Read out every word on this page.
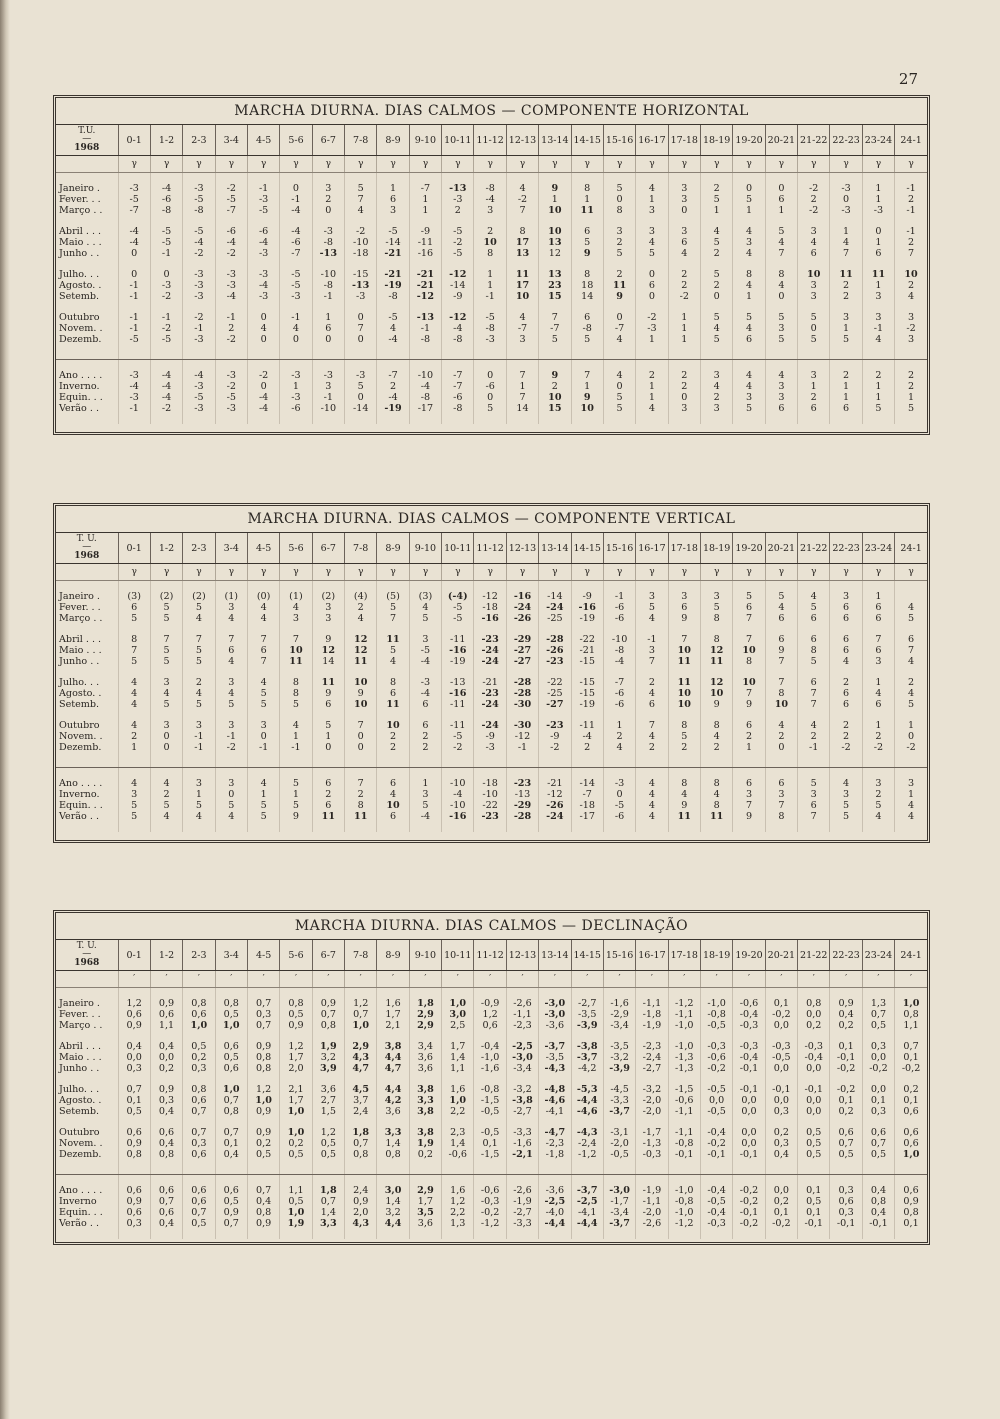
27
MARCHA DIURNA. DIAS CALMOS — COMPONENTE HORIZONTAL
T.U.
—
1968	0-1	1-2	2-3	3-4	4-5	5-6	6-7	7-8	8-9	9-10	10-11	11-12	12-13	13-14	14-15	15-16	16-17	17-18	18-19	19-20	20-21	21-22	22-23	23-24	24-1
	γ	γ	γ	γ	γ	γ	γ	γ	γ	γ	γ	γ	γ	γ	γ	γ	γ	γ	γ	γ	γ	γ	γ	γ	γ

Janeiro .	-3	-4	-3	-2	-1	0	3	5	1	-7	-13	-8	4	9	8	5	4	3	2	0	0	-2	-3	1	-1
Fever. . .	-5	-6	-5	-5	-3	-1	2	7	6	1	-3	-4	-2	1	1	0	1	3	5	5	6	2	0	1	2
Março . .	-7	-8	-8	-7	-5	-4	0	4	3	1	2	3	7	10	11	8	3	0	1	1	1	-2	-3	-3	-1

Abril . . .	-4	-5	-5	-6	-6	-4	-3	-2	-5	-9	-5	2	8	10	6	3	3	3	4	4	5	3	1	0	-1
Maio . . .	-4	-5	-4	-4	-4	-6	-8	-10	-14	-11	-2	10	17	13	5	2	4	6	5	3	4	4	4	1	2
Junho . .	0	-1	-2	-2	-3	-7	-13	-18	-21	-16	-5	8	13	12	9	5	5	4	2	4	7	6	7	6	7

Julho. . .	0	0	-3	-3	-3	-5	-10	-15	-21	-21	-12	1	11	13	8	2	0	2	5	8	8	10	11	11	10
Agosto. .	-1	-3	-3	-3	-4	-5	-8	-13	-19	-21	-14	1	17	23	18	11	6	2	2	4	4	3	2	1	2
Setemb.	-1	-2	-3	-4	-3	-3	-1	-3	-8	-12	-9	-1	10	15	14	9	0	-2	0	1	0	3	2	3	4

Outubro	-1	-1	-2	-1	0	-1	1	0	-5	-13	-12	-5	4	7	6	0	-2	1	5	5	5	5	3	3	3
Novem. .	-1	-2	-1	2	4	4	6	7	4	-1	-4	-8	-7	-7	-8	-7	-3	1	4	4	3	0	1	-1	-2
Dezemb.	-5	-5	-3	-2	0	0	0	0	-4	-8	-8	-3	3	5	5	4	1	1	5	6	5	5	5	4	3

Ano . . . .	-3	-4	-4	-3	-2	-3	-3	-3	-7	-10	-7	0	7	9	7	4	2	2	3	4	4	3	2	2	2
Inverno.	-4	-4	-3	-2	0	1	3	5	2	-4	-7	-6	1	2	1	0	1	2	4	4	3	1	1	1	2
Equin. . .	-3	-4	-5	-5	-4	-3	-1	0	-4	-8	-6	0	7	10	9	5	1	0	2	3	3	2	1	1	1
Verão . .	-1	-2	-3	-3	-4	-6	-10	-14	-19	-17	-8	5	14	15	10	5	4	3	3	5	6	6	6	5	5

MARCHA DIURNA. DIAS CALMOS — COMPONENTE VERTICAL
T. U.
—
1968	0-1	1-2	2-3	3-4	4-5	5-6	6-7	7-8	8-9	9-10	10-11	11-12	12-13	13-14	14-15	15-16	16-17	17-18	18-19	19-20	20-21	21-22	22-23	23-24	24-1
	γ	γ	γ	γ	γ	γ	γ	γ	γ	γ	γ	γ	γ	γ	γ	γ	γ	γ	γ	γ	γ	γ	γ	γ	γ

Janeiro .	(3)	(2)	(2)	(1)	(0)	(1)	(2)	(4)	(5)	(3)	(-4)	-12	-16	-14	-9	-1	3	3	3	5	5	4	3	1	
Fever. . .	6	5	5	3	4	4	3	2	5	4	-5	-18	-24	-24	-16	-6	5	6	5	6	4	5	6	6	4
Março . .	5	5	4	4	4	3	3	4	7	5	-5	-16	-26	-25	-19	-6	4	9	8	7	6	6	6	6	5

Abril . . .	8	7	7	7	7	7	9	12	11	3	-11	-23	-29	-28	-22	-10	-1	7	8	7	6	6	6	7	6
Maio . . .	7	5	5	6	6	10	12	12	5	-5	-16	-24	-27	-26	-21	-8	3	10	12	10	9	8	6	6	7
Junho . .	5	5	5	4	7	11	14	11	4	-4	-19	-24	-27	-23	-15	-4	7	11	11	8	7	5	4	3	4

Julho. . .	4	3	2	3	4	8	11	10	8	-3	-13	-21	-28	-22	-15	-7	2	11	12	10	7	6	2	1	2
Agosto. .	4	4	4	4	5	8	9	9	6	-4	-16	-23	-28	-25	-15	-6	4	10	10	7	8	7	6	4	4
Setemb.	4	5	5	5	5	5	6	10	11	6	-11	-24	-30	-27	-19	-6	6	10	9	9	10	7	6	6	5

Outubro	4	3	3	3	3	4	5	7	10	6	-11	-24	-30	-23	-11	1	7	8	8	6	4	4	2	1	1
Novem. .	2	0	-1	-1	0	1	1	0	2	2	-5	-9	-12	-9	-4	2	4	5	4	2	2	2	2	2	0
Dezemb.	1	0	-1	-2	-1	-1	0	0	2	2	-2	-3	-1	-2	2	4	2	2	2	1	0	-1	-2	-2	-2

Ano . . . .	4	4	3	3	4	5	6	7	6	1	-10	-18	-23	-21	-14	-3	4	8	8	6	6	5	4	3	3
Inverno.	3	2	1	0	1	1	2	2	4	3	-4	-10	-13	-12	-7	0	4	4	4	3	3	3	3	2	1
Equin. . .	5	5	5	5	5	5	6	8	10	5	-10	-22	-29	-26	-18	-5	4	9	8	7	7	6	5	5	4
Verão . .	5	4	4	4	5	9	11	11	6	-4	-16	-23	-28	-24	-17	-6	4	11	11	9	8	7	5	4	4

MARCHA DIURNA. DIAS CALMOS — DECLINAÇÃO
T. U.
—
1968	0-1	1-2	2-3	3-4	4-5	5-6	6-7	7-8	8-9	9-10	10-11	11-12	12-13	13-14	14-15	15-16	16-17	17-18	18-19	19-20	20-21	21-22	22-23	23-24	24-1
	′	′	′	′	′	′	′	′	′	′	′	′	′	′	′	′	′	′	′	′	′	′	′	′	′

Janeiro .	1,2	0,9	0,8	0,8	0,7	0,8	0,9	1,2	1,6	1,8	1,0	-0,9	-2,6	-3,0	-2,7	-1,6	-1,1	-1,2	-1,0	-0,6	0,1	0,8	0,9	1,3	1,0
Fever. . .	0,6	0,6	0,6	0,5	0,3	0,5	0,7	0,7	1,7	2,9	3,0	1,2	-1,1	-3,0	-3,5	-2,9	-1,8	-1,1	-0,8	-0,4	-0,2	0,0	0,4	0,7	0,8
Março . .	0,9	1,1	1,0	1,0	0,7	0,9	0,8	1,0	2,1	2,9	2,5	0,6	-2,3	-3,6	-3,9	-3,4	-1,9	-1,0	-0,5	-0,3	0,0	0,2	0,2	0,5	1,1

Abril . . .	0,4	0,4	0,5	0,6	0,9	1,2	1,9	2,9	3,8	3,4	1,7	-0,4	-2,5	-3,7	-3,8	-3,5	-2,3	-1,0	-0,3	-0,3	-0,3	-0,3	0,1	0,3	0,7
Maio . . .	0,0	0,0	0,2	0,5	0,8	1,7	3,2	4,3	4,4	3,6	1,4	-1,0	-3,0	-3,5	-3,7	-3,2	-2,4	-1,3	-0,6	-0,4	-0,5	-0,4	-0,1	0,0	0,1
Junho . .	0,3	0,2	0,3	0,6	0,8	2,0	3,9	4,7	4,7	3,6	1,1	-1,6	-3,4	-4,3	-4,2	-3,9	-2,7	-1,3	-0,2	-0,1	0,0	0,0	-0,2	-0,2	-0,2

Julho. . .	0,7	0,9	0,8	1,0	1,2	2,1	3,6	4,5	4,4	3,8	1,6	-0,8	-3,2	-4,8	-5,3	-4,5	-3,2	-1,5	-0,5	-0,1	-0,1	-0,1	-0,2	0,0	0,2
Agosto. .	0,1	0,3	0,6	0,7	1,0	1,7	2,7	3,7	4,2	3,3	1,0	-1,5	-3,8	-4,6	-4,4	-3,3	-2,0	-0,6	0,0	0,0	0,0	0,0	0,1	0,1	0,1
Setemb.	0,5	0,4	0,7	0,8	0,9	1,0	1,5	2,4	3,6	3,8	2,2	-0,5	-2,7	-4,1	-4,6	-3,7	-2,0	-1,1	-0,5	0,0	0,3	0,0	0,2	0,3	0,6

Outubro	0,6	0,6	0,7	0,7	0,9	1,0	1,2	1,8	3,3	3,8	2,3	-0,5	-3,3	-4,7	-4,3	-3,1	-1,7	-1,1	-0,4	0,0	0,2	0,5	0,6	0,6	0,6
Novem. .	0,9	0,4	0,3	0,1	0,2	0,2	0,5	0,7	1,4	1,9	1,4	0,1	-1,6	-2,3	-2,4	-2,0	-1,3	-0,8	-0,2	0,0	0,3	0,5	0,7	0,7	0,6
Dezemb.	0,8	0,8	0,6	0,4	0,5	0,5	0,5	0,8	0,8	0,2	-0,6	-1,5	-2,1	-1,8	-1,2	-0,5	-0,3	-0,1	-0,1	-0,1	0,4	0,5	0,5	0,5	1,0

Ano . . . .	0,6	0,6	0,6	0,6	0,7	1,1	1,8	2,4	3,0	2,9	1,6	-0,6	-2,6	-3,6	-3,7	-3,0	-1,9	-1,0	-0,4	-0,2	0,0	0,1	0,3	0,4	0,6
Inverno	0,9	0,7	0,6	0,5	0,4	0,5	0,7	0,9	1,4	1,7	1,2	-0,3	-1,9	-2,5	-2,5	-1,7	-1,1	-0,8	-0,5	-0,2	0,2	0,5	0,6	0,8	0,9
Equin. . .	0,6	0,6	0,7	0,9	0,8	1,0	1,4	2,0	3,2	3,5	2,2	-0,2	-2,7	-4,0	-4,1	-3,4	-2,0	-1,0	-0,4	-0,1	0,1	0,1	0,3	0,4	0,8
Verão . .	0,3	0,4	0,5	0,7	0,9	1,9	3,3	4,3	4,4	3,6	1,3	-1,2	-3,3	-4,4	-4,4	-3,7	-2,6	-1,2	-0,3	-0,2	-0,2	-0,1	-0,1	-0,1	0,1
